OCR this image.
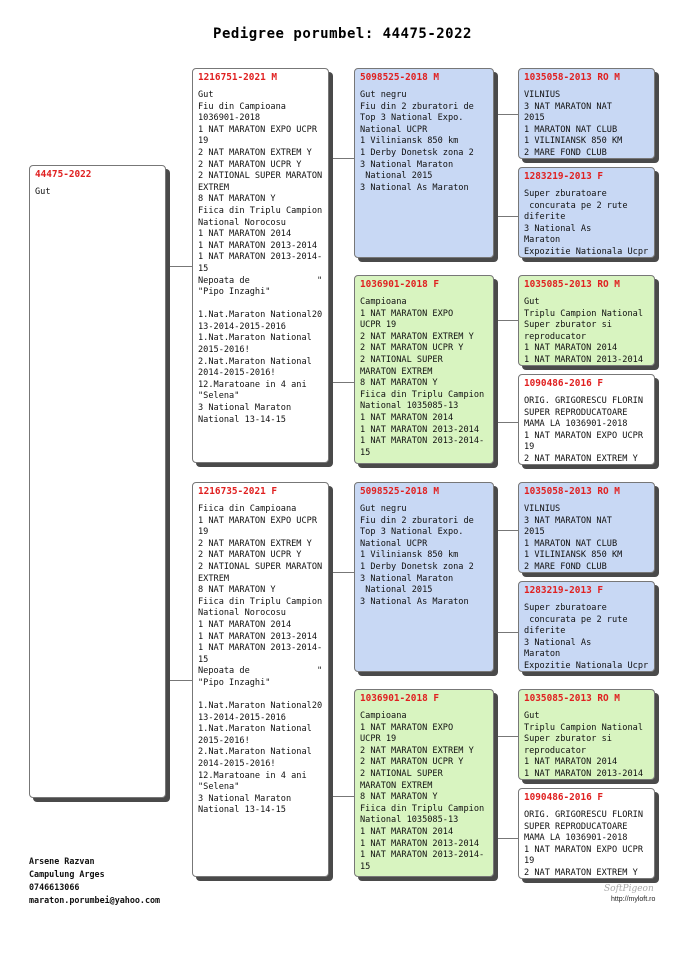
Pedigree porumbel: 44475-2022
44475-2022
Gut
1216751-2021 M
Gut
Fiu din Campioana
1036901-2018
1 NAT MARATON EXPO UCPR
19
2 NAT MARATON EXTREM Y
2 NAT MARATON UCPR Y
2 NATIONAL SUPER MARATON
EXTREM
8 NAT MARATON Y
Fiica din Triplu Campion
National Norocosu
1 NAT MARATON 2014
1 NAT MARATON 2013-2014
1 NAT MARATON 2013-2014-
15
Nepoata de             "
"Pipo Inzaghi"

1.Nat.Maraton National20
13-2014-2015-2016
1.Nat.Maraton National
2015-2016!
2.Nat.Maraton National
2014-2015-2016!
12.Maratoane in 4 ani
"Selena"
3 National Maraton
National 13-14-15
1216735-2021 F
Fiica din Campioana
1 NAT MARATON EXPO UCPR
19
2 NAT MARATON EXTREM Y
2 NAT MARATON UCPR Y
2 NATIONAL SUPER MARATON
EXTREM
8 NAT MARATON Y
Fiica din Triplu Campion
National Norocosu
1 NAT MARATON 2014
1 NAT MARATON 2013-2014
1 NAT MARATON 2013-2014-
15
Nepoata de             "
"Pipo Inzaghi"

1.Nat.Maraton National20
13-2014-2015-2016
1.Nat.Maraton National
2015-2016!
2.Nat.Maraton National
2014-2015-2016!
12.Maratoane in 4 ani
"Selena"
3 National Maraton
National 13-14-15
5098525-2018 M
Gut negru
Fiu din 2 zburatori de
Top 3 National Expo.
National UCPR
1 Viliniansk 850 km
1 Derby Donetsk zona 2
3 National Maraton
National 2015
3 National As Maraton
1036901-2018 F
Campioana
1 NAT MARATON EXPO
UCPR 19
2 NAT MARATON EXTREM Y
2 NAT MARATON UCPR Y
2 NATIONAL SUPER
MARATON EXTREM
8 NAT MARATON Y
Fiica din Triplu Campion
National 1035085-13
1 NAT MARATON 2014
1 NAT MARATON 2013-2014
1 NAT MARATON 2013-2014-
15
5098525-2018 M
Gut negru
Fiu din 2 zburatori de
Top 3 National Expo.
National UCPR
1 Viliniansk 850 km
1 Derby Donetsk zona 2
3 National Maraton
National 2015
3 National As Maraton
1036901-2018 F
Campioana
1 NAT MARATON EXPO
UCPR 19
2 NAT MARATON EXTREM Y
2 NAT MARATON UCPR Y
2 NATIONAL SUPER
MARATON EXTREM
8 NAT MARATON Y
Fiica din Triplu Campion
National 1035085-13
1 NAT MARATON 2014
1 NAT MARATON 2013-2014
1 NAT MARATON 2013-2014-
15
1035058-2013 RO M
VILNIUS
3 NAT MARATON NAT
2015
1 MARATON NAT CLUB
1 VILINIANSK 850 KM
2 MARE FOND CLUB
1283219-2013 F
Super zburatoare
concurata pe 2 rute
diferite
3 National As
Maraton
Expozitie Nationala Ucpr
1035085-2013 RO M
Gut
Triplu Campion National
Super zburator si
reproducator
1 NAT MARATON 2014
1 NAT MARATON 2013-2014
1090486-2016 F
ORIG. GRIGORESCU FLORIN
SUPER REPRODUCATOARE
MAMA LA 1036901-2018
1 NAT MARATON EXPO UCPR
19
2 NAT MARATON EXTREM Y
1035058-2013 RO M
VILNIUS
3 NAT MARATON NAT
2015
1 MARATON NAT CLUB
1 VILINIANSK 850 KM
2 MARE FOND CLUB
1283219-2013 F
Super zburatoare
concurata pe 2 rute
diferite
3 National As
Maraton
Expozitie Nationala Ucpr
1035085-2013 RO M
Gut
Triplu Campion National
Super zburator si
reproducator
1 NAT MARATON 2014
1 NAT MARATON 2013-2014
1090486-2016 F
ORIG. GRIGORESCU FLORIN
SUPER REPRODUCATOARE
MAMA LA 1036901-2018
1 NAT MARATON EXPO UCPR
19
2 NAT MARATON EXTREM Y
Arsene Razvan
Campulung Arges
0746613066
maraton.porumbei@yahoo.com
SoftPigeon
http://myloft.ro
